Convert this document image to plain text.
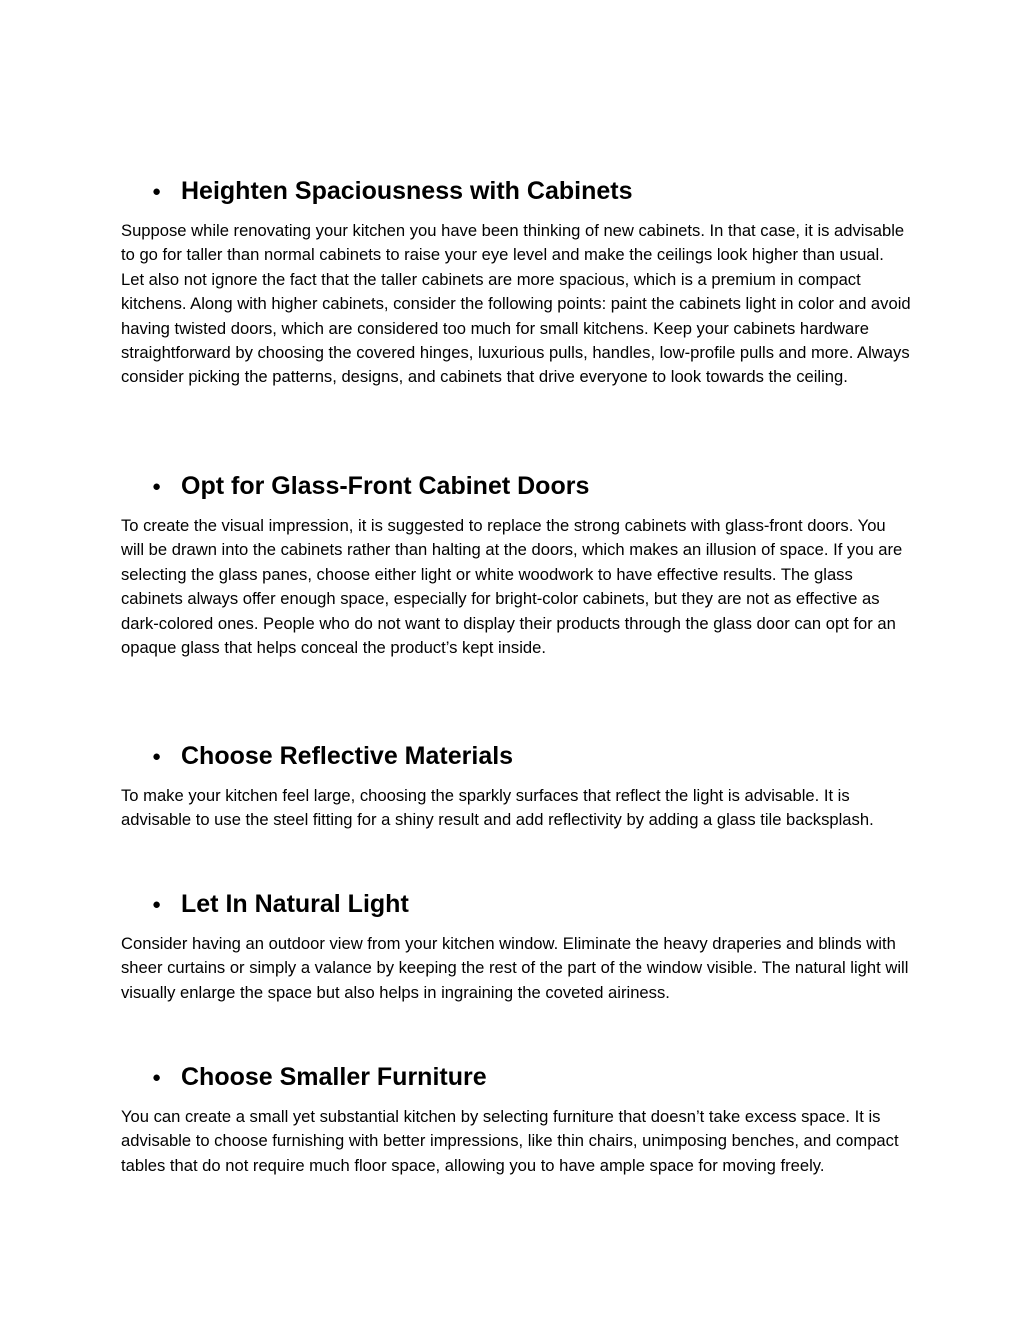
● Heighten Spaciousness with Cabinets

Suppose while renovating your kitchen you have been thinking of new cabinets. In that case, it is advisable to go for taller than normal cabinets to raise your eye level and make the ceilings look higher than usual. Let also not ignore the fact that the taller cabinets are more spacious, which is a premium in compact kitchens. Along with higher cabinets, consider the following points: paint the cabinets light in color and avoid having twisted doors, which are considered too much for small kitchens. Keep your cabinets hardware straightforward by choosing the covered hinges, luxurious pulls, handles, low-profile pulls and more. Always consider picking the patterns, designs, and cabinets that drive everyone to look towards the ceiling.

● Opt for Glass-Front Cabinet Doors

To create the visual impression, it is suggested to replace the strong cabinets with glass-front doors. You will be drawn into the cabinets rather than halting at the doors, which makes an illusion of space. If you are selecting the glass panes, choose either light or white woodwork to have effective results. The glass cabinets always offer enough space, especially for bright-color cabinets, but they are not as effective as dark-colored ones. People who do not want to display their products through the glass door can opt for an opaque glass that helps conceal the product’s kept inside.

● Choose Reflective Materials

To make your kitchen feel large, choosing the sparkly surfaces that reflect the light is advisable. It is advisable to use the steel fitting for a shiny result and add reflectivity by adding a glass tile backsplash.

● Let In Natural Light

Consider having an outdoor view from your kitchen window. Eliminate the heavy draperies and blinds with sheer curtains or simply a valance by keeping the rest of the part of the window visible. The natural light will visually enlarge the space but also helps in ingraining the coveted airiness.

● Choose Smaller Furniture

You can create a small yet substantial kitchen by selecting furniture that doesn’t take excess space. It is advisable to choose furnishing with better impressions, like thin chairs, unimposing benches, and compact tables that do not require much floor space, allowing you to have ample space for moving freely.
